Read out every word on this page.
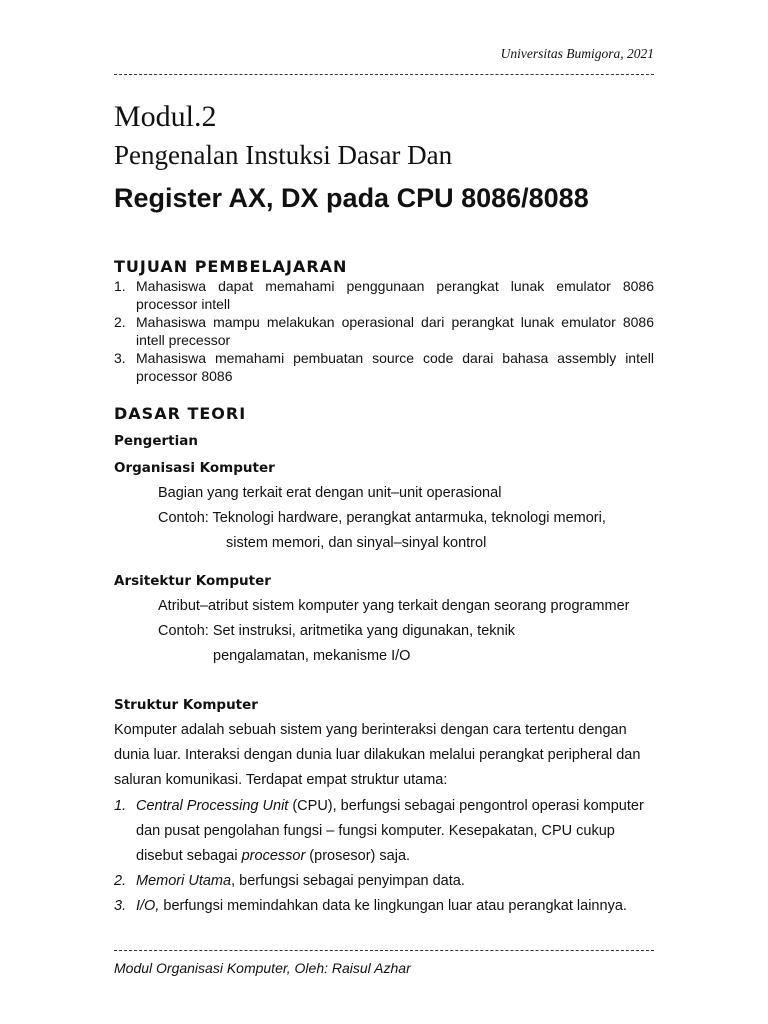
Universitas Bumigora, 2021
Modul.2
Pengenalan Instuksi Dasar Dan
Register AX, DX pada CPU 8086/8088
TUJUAN PEMBELAJARAN
1. Mahasiswa dapat memahami penggunaan perangkat lunak emulator 8086 processor intell
2. Mahasiswa mampu melakukan operasional dari perangkat lunak emulator 8086 intell precessor
3. Mahasiswa memahami pembuatan source code darai bahasa assembly intell processor 8086
DASAR TEORI
Pengertian
Organisasi Komputer
Bagian yang terkait erat dengan unit–unit operasional
Contoh: Teknologi hardware, perangkat antarmuka, teknologi memori,
sistem memori, dan sinyal–sinyal kontrol
Arsitektur Komputer
Atribut–atribut sistem komputer yang terkait dengan seorang programmer
Contoh: Set instruksi, aritmetika yang digunakan, teknik
pengalamatan, mekanisme I/O
Struktur Komputer

Komputer adalah sebuah sistem yang berinteraksi dengan cara tertentu dengan dunia luar. Interaksi dengan dunia luar dilakukan melalui perangkat peripheral dan saluran komunikasi. Terdapat empat struktur utama:

1. Central Processing Unit (CPU), berfungsi sebagai pengontrol operasi komputer dan pusat pengolahan fungsi – fungsi komputer. Kesepakatan, CPU cukup disebut sebagai processor (prosesor) saja.
2. Memori Utama, berfungsi sebagai penyimpan data.
3. I/O, berfungsi memindahkan data ke lingkungan luar atau perangkat lainnya.
Modul Organisasi Komputer, Oleh: Raisul Azhar
